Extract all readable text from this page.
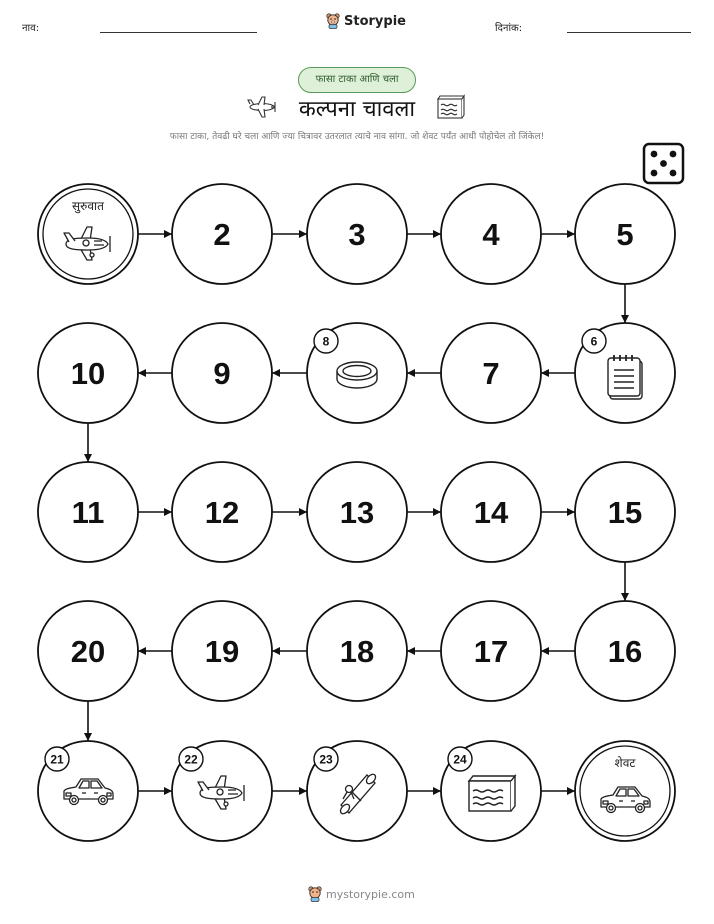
नाव:	Storypie	दिनांक:
फासा टाका आणि चला
कल्पना चावला
फासा टाका, तेवढी घरे चला आणि ज्या चित्रावर उतरलात त्याचे नाव सांगा. जो शेवट पर्यंत आधी पोहोचेल तो जिंकेल!
सुरुवात
2	3	4	5
6
7
8
9
10
11	12	13	14	15
16
17
18
19
20
21	22	23	24	शेवट
mystorypie.com
